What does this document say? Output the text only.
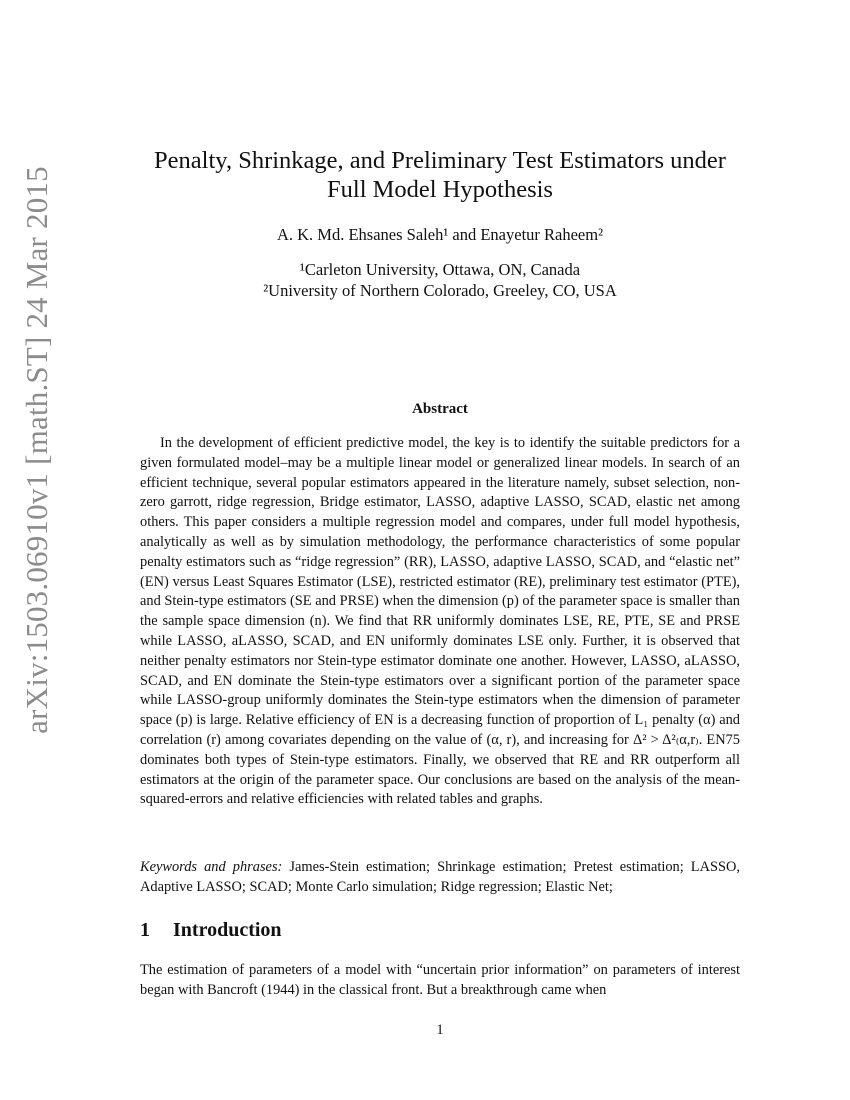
arXiv:1503.06910v1 [math.ST] 24 Mar 2015
Penalty, Shrinkage, and Preliminary Test Estimators under
Full Model Hypothesis
A. K. Md. Ehsanes Saleh¹ and Enayetur Raheem²
¹Carleton University, Ottawa, ON, Canada
²University of Northern Colorado, Greeley, CO, USA
Abstract

In the development of efficient predictive model, the key is to identify the suitable predictors for a given formulated model–may be a multiple linear model or generalized linear models. In search of an efficient technique, several popular estimators appeared in the literature namely, subset selection, non-zero garrott, ridge regression, Bridge estimator, LASSO, adaptive LASSO, SCAD, elastic net among others. This paper considers a multiple regression model and compares, under full model hypothesis, analytically as well as by simulation methodology, the performance characteristics of some popular penalty estimators such as “ridge regression” (RR), LASSO, adaptive LASSO, SCAD, and “elastic net” (EN) versus Least Squares Estimator (LSE), restricted estimator (RE), preliminary test estimator (PTE), and Stein-type estimators (SE and PRSE) when the dimension (p) of the parameter space is smaller than the sample space dimension (n). We find that RR uniformly dominates LSE, RE, PTE, SE and PRSE while LASSO, aLASSO, SCAD, and EN uniformly dominates LSE only. Further, it is observed that neither penalty estimators nor Stein-type estimator dominate one another. However, LASSO, aLASSO, SCAD, and EN dominate the Stein-type estimators over a significant portion of the parameter space while LASSO-group uniformly dominates the Stein-type estimators when the dimension of parameter space (p) is large. Relative efficiency of EN is a decreasing function of proportion of L₁ penalty (α) and correlation (r) among covariates depending on the value of (α, r), and increasing for Δ² > Δ²₍α,r₎. EN75 dominates both types of Stein-type estimators. Finally, we observed that RE and RR outperform all estimators at the origin of the parameter space. Our conclusions are based on the analysis of the mean-squared-errors and relative efficiencies with related tables and graphs.

Keywords and phrases: James-Stein estimation; Shrinkage estimation; Pretest estimation; LASSO, Adaptive LASSO; SCAD; Monte Carlo simulation; Ridge regression; Elastic Net;
1 Introduction

The estimation of parameters of a model with “uncertain prior information” on parameters of interest began with Bancroft (1944) in the classical front. But a breakthrough came when

1
